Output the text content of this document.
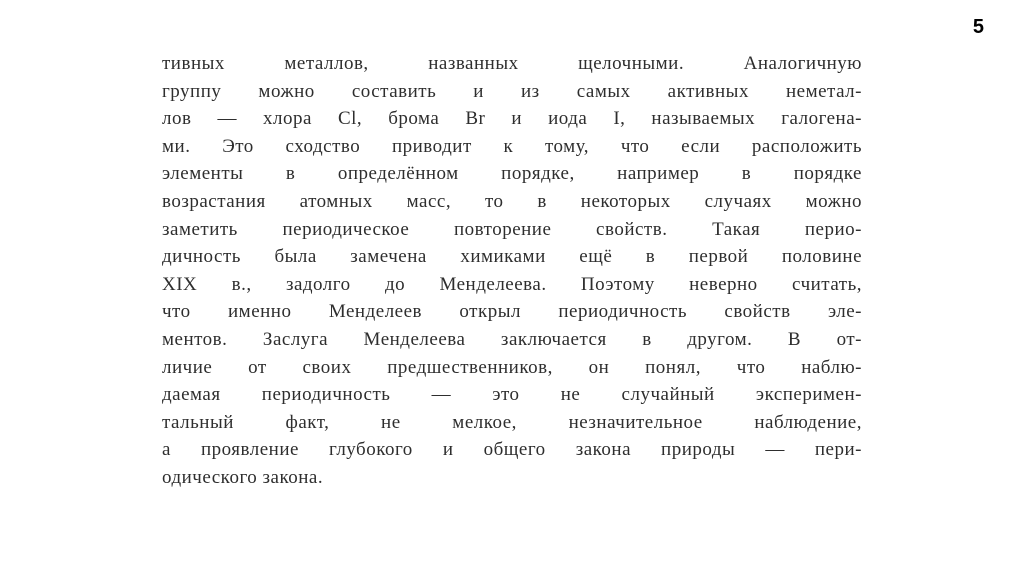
5
тивных металлов, названных щелочными. Аналогичную
группу можно составить и из самых активных неметал-
лов — хлора Cl, брома Br и иода I, называемых галогена-
ми. Это сходство приводит к тому, что если расположить
элементы в определённом порядке, например в порядке
возрастания атомных масс, то в некоторых случаях можно
заметить периодическое повторение свойств. Такая перио-
дичность была замечена химиками ещё в первой половине
XIX в., задолго до Менделеева. Поэтому неверно считать,
что именно Менделеев открыл периодичность свойств эле-
ментов. Заслуга Менделеева заключается в другом. В от-
личие от своих предшественников, он понял, что наблю-
даемая периодичность — это не случайный эксперимен-
тальный факт, не мелкое, незначительное наблюдение,
а проявление глубокого и общего закона природы — пери-
одического закона.
